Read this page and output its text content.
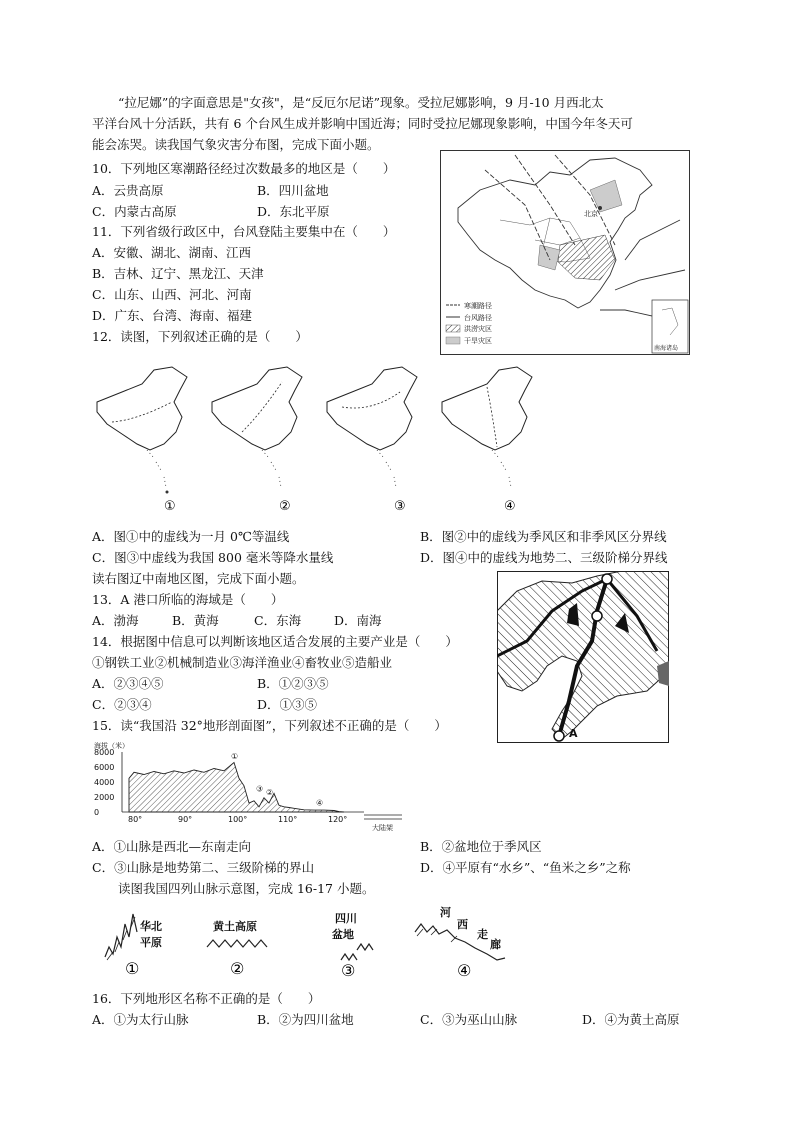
“拉尼娜”的字面意思是"女孩"，是“反厄尔尼诺”现象。受拉尼娜影响，9 月-10 月西北太
平洋台风十分活跃，共有 6 个台风生成并影响中国近海；同时受拉尼娜现象影响，中国今年冬天可
能会冻哭。读我国气象灾害分布图，完成下面小题。
10．下列地区寒潮路径经过次数最多的地区是（　　）
A．云贵高原	B．四川盆地
C．内蒙古高原	D．东北平原
11．下列省级行政区中，台风登陆主要集中在（　　）
A．安徽、湖北、湖南、江西
B．吉林、辽宁、黑龙江、天津
C．山东、山西、河北、河南
D．广东、台湾、海南、福建
12．读图，下列叙述正确的是（　　）
北京
寒潮路径
台风路径
洪涝灾区
干旱灾区
南海诸岛
①	②	③	④
A．图①中的虚线为一月 0℃等温线	B．图②中的虚线为季风区和非季风区分界线
C．图③中虚线为我国 800 毫米等降水量线	D．图④中的虚线为地势二、三级阶梯分界线
读右图辽中南地区图，完成下面小题。
13．A 港口所临的海域是（　　）
A．渤海	B．黄海	C．东海	D．南海
14．根据图中信息可以判断该地区适合发展的主要产业是（　　）
①钢铁工业②机械制造业③海洋渔业④畜牧业⑤造船业
A．②③④⑤	B．①②③⑤
C．②③④	D．①③⑤
A
15．读“我国沿 32°地形剖面图”，下列叙述不正确的是（　　）
海拔（米）
8000
6000
4000
2000
0
80°	90°	100°	110°	120°
①
②
③
④
大陆架
A．①山脉是西北—东南走向	B．②盆地位于季风区
C．③山脉是地势第二、三级阶梯的界山	D．④平原有“水乡”、“鱼米之乡”之称
读图我国四列山脉示意图，完成 16-17 小题。
华北
平原
①
黄土高原
②
四川
盆地
③
河
西
走
廊
④
16．下列地形区名称不正确的是（　　）
A．①为太行山脉	B．②为四川盆地	C．③为巫山山脉	D．④为黄土高原
